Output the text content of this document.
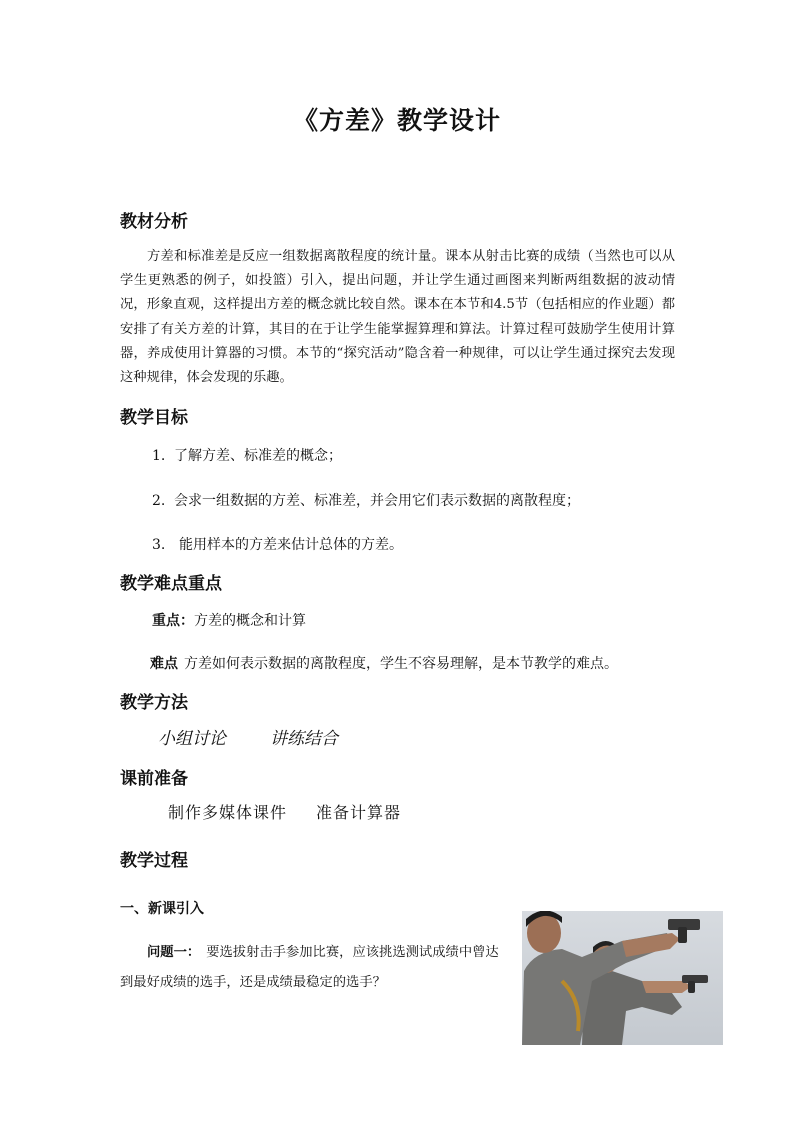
《方差》教学设计
教材分析

方差和标准差是反应一组数据离散程度的统计量。课本从射击比赛的成绩（当然也可以从学生更熟悉的例子，如投篮）引入，提出问题，并让学生通过画图来判断两组数据的波动情况，形象直观，这样提出方差的概念就比较自然。课本在本节和4.5节（包括相应的作业题）都安排了有关方差的计算，其目的在于让学生能掌握算理和算法。计算过程可鼓励学生使用计算器，养成使用计算器的习惯。本节的“探究活动”隐含着一种规律，可以让学生通过探究去发现这种规律，体会发现的乐趣。

教学目标
1. 了解方差、标准差的概念；
2. 会求一组数据的方差、标准差，并会用它们表示数据的离散程度；
3. 能用样本的方差来估计总体的方差。
教学难点重点
重点：方差的概念和计算
难点 方差如何表示数据的离散程度，学生不容易理解，是本节教学的难点。
教学方法
小组讨论	讲练结合
课前准备
制作多媒体课件 准备计算器
教学过程
一、新课引入
问题一： 要选拔射击手参加比赛，应该挑选测试成绩中曾达到最好成绩的选手，还是成绩最稳定的选手？
